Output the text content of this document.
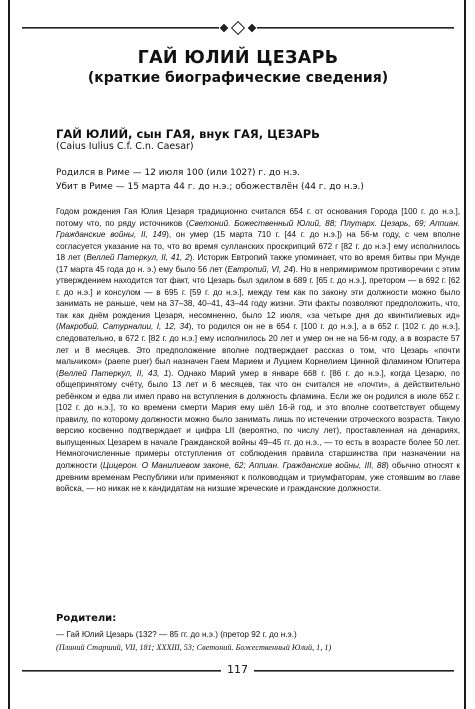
ГАЙ ЮЛИЙ ЦЕЗАРЬ
(краткие биографические сведения)
ГАЙ ЮЛИЙ, сын ГАЯ, внук ГАЯ, ЦЕЗАРЬ
(Caius Iulius C.f. C.n. Caesar)
Родился в Риме — 12 июля 100 (или 102?) г. до н.э.
Убит в Риме — 15 марта 44 г. до н.э.; обожествлён (44 г. до н.э.)
Годом рождения Гая Юлия Цезаря традиционно считался 654 г. от основания Города [100 г. до н.э.], потому что, по ряду источников (Светоний. Божественный Юлий, 88; Плутарх. Цезарь, 69; Аппиан. Гражданские войны, II, 149), он умер (15 марта 710 г. [44 г. до н.э.]) на 56-м году, с чем вполне согласуется указание на то, что во время сулланских проскрипций 672 г [82 г. до н.э.] ему исполнилось 18 лет (Веллей Патеркул, II, 41, 2). Историк Евтропий также упоминает, что во время битвы при Мунде (17 марта 45 года до н. э.) ему было 56 лет (Евтропий, VI, 24). Но в непримиримом противоречии с этим утверждением находится тот факт, что Цезарь был эдилом в 689 г. [65 г. до н.э.], претором — в 692 г. [62 г. до н.э.] и консулом — в 695 г. [59 г. до н.э.], между тем как по закону эти должности можно было занимать не раньше, чем на 37–38, 40–41, 43–44 году жизни. Эти факты позволяют предположить, что, так как днём рождения Цезаря, несомненно, было 12 июля, «за четыре дня до квинтилиевых ид» (Макробий. Сатурналии, I, 12, 34), то родился он не в 654 г. [100 г. до н.э.], а в 652 г. [102 г. до н.э.], следовательно, в 672 г. [82 г. до н.э.] ему исполнилось 20 лет и умер он не на 56-м году, а в возрасте 57 лет и 8 месяцев. Это предположение вполне подтверждает рассказ о том, что Цезарь «почти мальчиком» (paene puer) был назначен Гаем Марием и Луцием Корнелием Цинной фламином Юпитера (Веллей Патеркул, II, 43, 1). Однако Марий умер в январе 668 г. [86 г. до н.э.], когда Цезарю, по общепринятому счёту, было 13 лет и 6 месяцев, так что он считался не «почти», а действительно ребёнком и едва ли имел право на вступления в должность фламина. Если же он родился в июле 652 г. [102 г. до н.э.], то ко времени смерти Мария ему шёл 16-й год, и это вполне соответствует общему правилу, по которому должности можно было занимать лишь по истечении отроческого возраста. Такую версию косвенно подтверждает и цифра LII (вероятно, по числу лет), проставленная на денариях, выпущенных Цезарем в начале Гражданской войны 49–45 гг. до н.э., — то есть в возрасте более 50 лет. Немногочисленные примеры отступления от соблюдения правила старшинства при назначении на должности (Цицерон. О Манилиевом законе, 62; Аппиан. Гражданские войны, III, 88) обычно относят к древним временам Республики или применяют к полководцам и триумфаторам, уже стоявшим во главе войска, — но никак не к кандидатам на низшие жреческие и гражданские должности.
Родители:
— Гай Юлий Цезарь (132? — 85 гг. до н.э.) (претор 92 г. до н.э.)
(Плиний Старший, VII, 181; XXXIII, 53; Светоний. Божественный Юлий, 1, 1)
117
